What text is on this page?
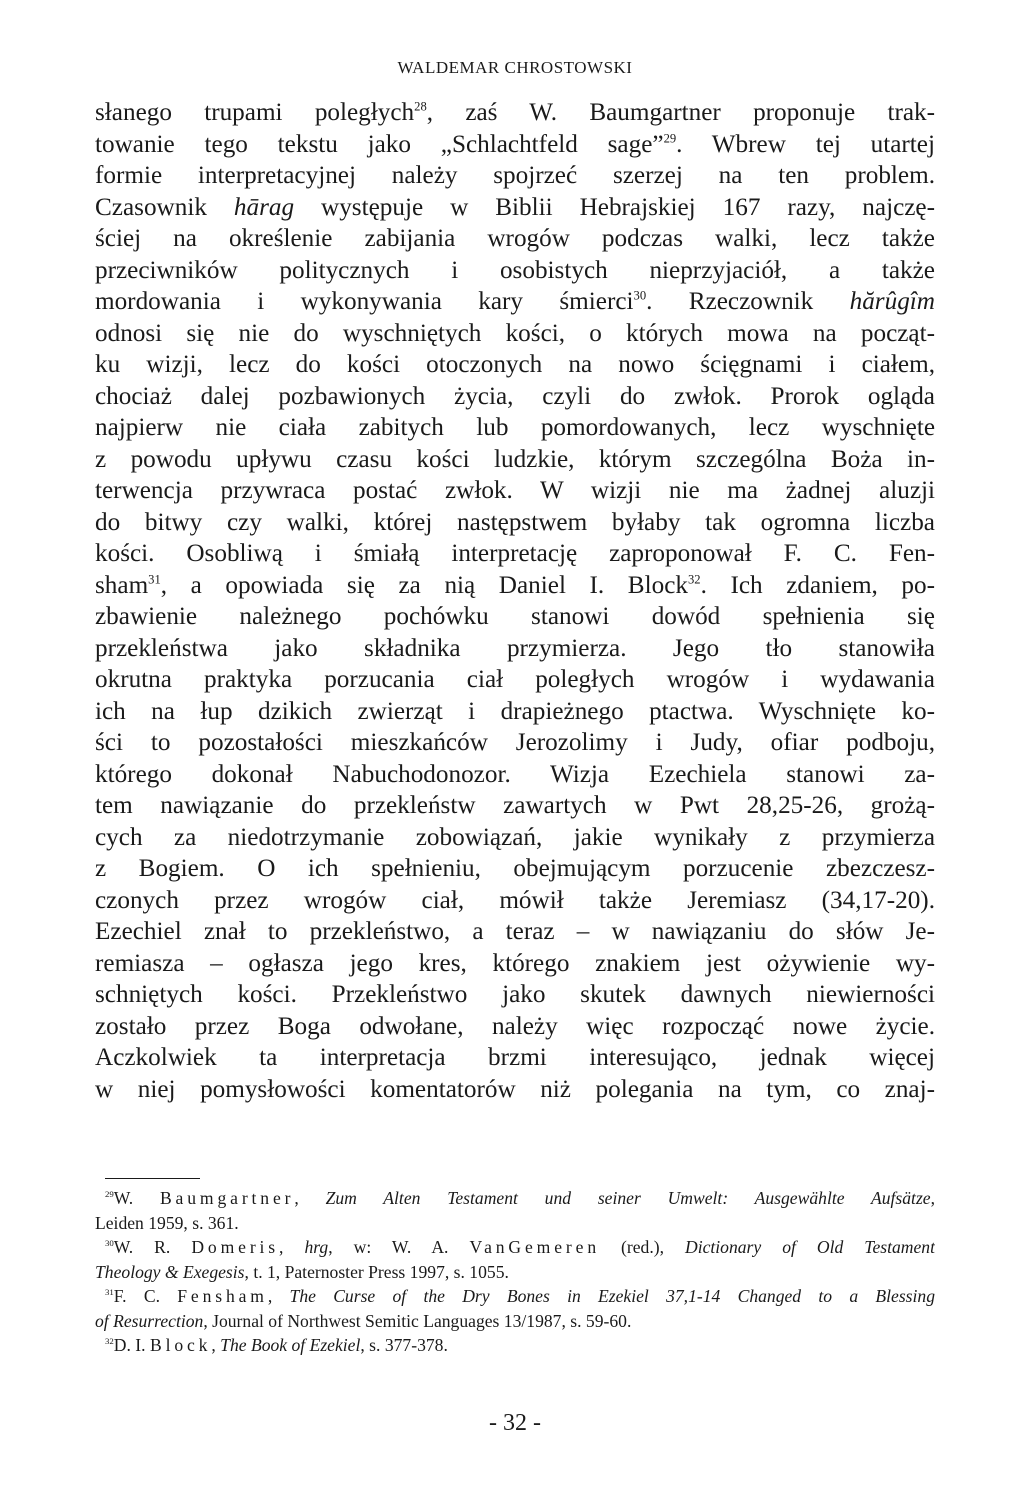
WALDEMAR CHROSTOWSKI
słanego trupami poległych$^{28}$, zaś W. Baumgartner proponuje trak-
towanie tego tekstu jako „Schlachtfeld sage”$^{29}$. Wbrew tej utartej
formie interpretacyjnej należy spojrzeć szerzej na ten problem.
Czasownik hārag występuje w Biblii Hebrajskiej 167 razy, najczę-
ściej na określenie zabijania wrogów podczas walki, lecz także
przeciwników politycznych i osobistych nieprzyjaciół, a także
mordowania i wykonywania kary śmierci$^{30}$. Rzeczownik hărûgîm
odnosi się nie do wyschniętych kości, o których mowa na począt-
ku wizji, lecz do kości otoczonych na nowo ścięgnami i ciałem,
chociaż dalej pozbawionych życia, czyli do zwłok. Prorok ogląda
najpierw nie ciała zabitych lub pomordowanych, lecz wyschnięte
z powodu upływu czasu kości ludzkie, którym szczególna Boża in-
terwencja przywraca postać zwłok. W wizji nie ma żadnej aluzji
do bitwy czy walki, której następstwem byłaby tak ogromna liczba
kości. Osobliwą i śmiałą interpretację zaproponował F. C. Fen-
sham$^{31}$, a opowiada się za nią Daniel I. Block$^{32}$. Ich zdaniem, po-
zbawienie należnego pochówku stanowi dowód spełnienia się
przekleństwa jako składnika przymierza. Jego tło stanowiła
okrutna praktyka porzucania ciał poległych wrogów i wydawania
ich na łup dzikich zwierząt i drapieżnego ptactwa. Wyschnięte ko-
ści to pozostałości mieszkańców Jerozolimy i Judy, ofiar podboju,
którego dokonał Nabuchodonozor. Wizja Ezechiela stanowi za-
tem nawiązanie do przekleństw zawartych w Pwt 28,25-26, grożą-
cych za niedotrzymanie zobowiązań, jakie wynikały z przymierza
z Bogiem. O ich spełnieniu, obejmującym porzucenie zbezczesz-
czonych przez wrogów ciał, mówił także Jeremiasz (34,17-20).
Ezechiel znał to przekleństwo, a teraz – w nawiązaniu do słów Je-
remiasza – ogłasza jego kres, którego znakiem jest ożywienie wy-
schniętych kości. Przekleństwo jako skutek dawnych niewierności
zostało przez Boga odwołane, należy więc rozpocząć nowe życie.
Aczkolwiek ta interpretacja brzmi interesująco, jednak więcej
w niej pomysłowości komentatorów niż polegania na tym, co znaj-
$^{29}$W. Baumgartner, Zum Alten Testament und seiner Umwelt: Ausgewählte Aufsätze,
Leiden 1959, s. 361.
$^{30}$W. R. Domeris, hrg, w: W. A. VanGemeren (red.), Dictionary of Old Testament
Theology & Exegesis, t. 1, Paternoster Press 1997, s. 1055.
$^{31}$F. C. Fensham, The Curse of the Dry Bones in Ezekiel 37,1-14 Changed to a Blessing
of Resurrection, Journal of Northwest Semitic Languages 13/1987, s. 59-60.
$^{32}$D. I. Block, The Book of Ezekiel, s. 377-378.
- 32 -
